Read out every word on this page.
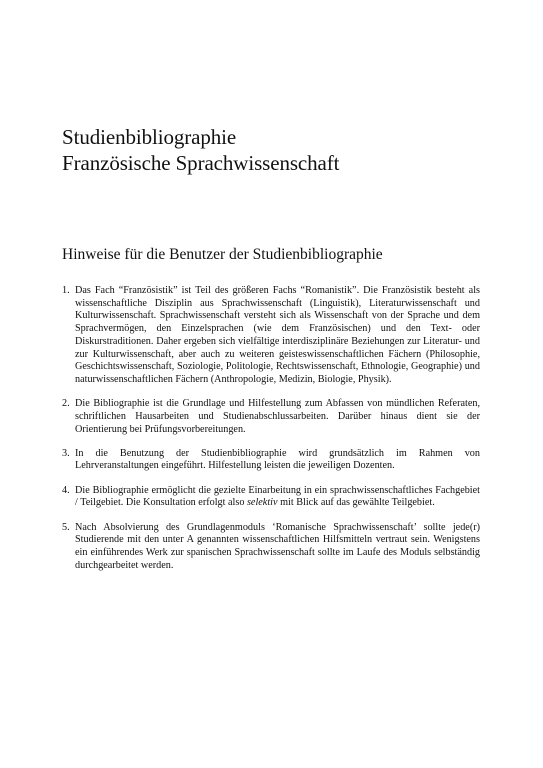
Studienbibliographie
Französische Sprachwissenschaft
Hinweise für die Benutzer der Studienbibliographie
1. Das Fach “Französistik” ist Teil des größeren Fachs “Romanistik”. Die Französistik besteht als wissenschaftliche Disziplin aus Sprachwissenschaft (Linguistik), Literaturwissenschaft und Kulturwissenschaft. Sprachwissenschaft versteht sich als Wissenschaft von der Sprache und dem Sprachvermögen, den Einzelsprachen (wie dem Französischen) und den Text- oder Diskurstraditionen. Daher ergeben sich vielfältige interdisziplinäre Beziehungen zur Literatur- und zur Kulturwissenschaft, aber auch zu weiteren geisteswissenschaftlichen Fächern (Philosophie, Geschichtswissenschaft, Soziologie, Politologie, Rechtswissenschaft, Ethnologie, Geographie) und naturwissenschaftlichen Fächern (Anthropologie, Medizin, Biologie, Physik).
2. Die Bibliographie ist die Grundlage und Hilfestellung zum Abfassen von mündlichen Referaten, schriftlichen Hausarbeiten und Studienabschlussarbeiten. Darüber hinaus dient sie der Orientierung bei Prüfungsvorbereitungen.
3. In die Benutzung der Studienbibliographie wird grundsätzlich im Rahmen von Lehrveranstaltungen eingeführt. Hilfestellung leisten die jeweiligen Dozenten.
4. Die Bibliographie ermöglicht die gezielte Einarbeitung in ein sprachwissenschaftliches Fachgebiet / Teilgebiet. Die Konsultation erfolgt also selektiv mit Blick auf das gewählte Teilgebiet.
5. Nach Absolvierung des Grundlagenmoduls ‘Romanische Sprachwissenschaft’ sollte jede(r) Studierende mit den unter A genannten wissenschaftlichen Hilfsmitteln vertraut sein. Wenigstens ein einführendes Werk zur spanischen Sprachwissenschaft sollte im Laufe des Moduls selbständig durchgearbeitet werden.
